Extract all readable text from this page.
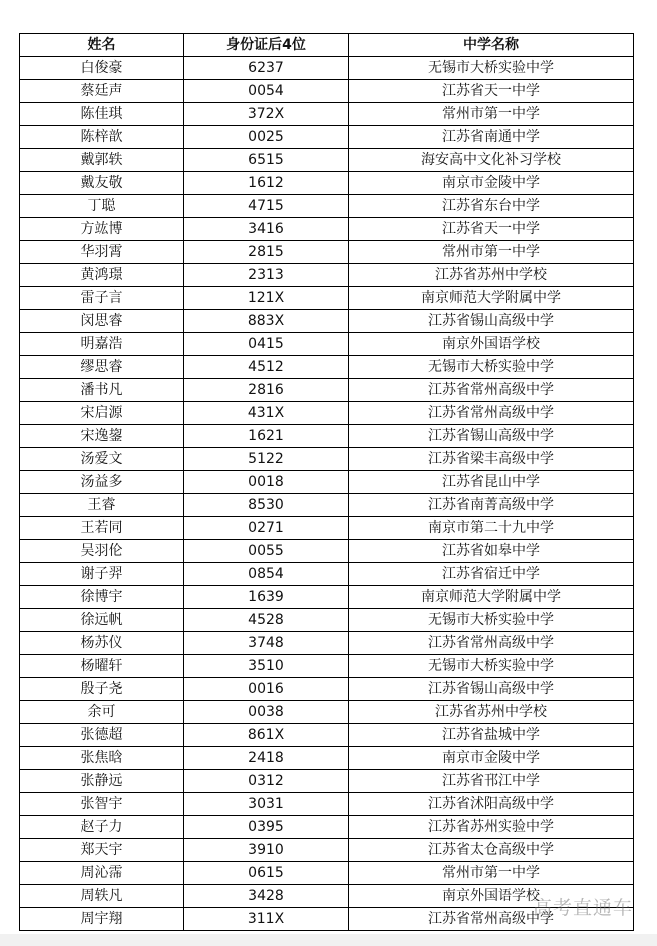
姓名	身份证后4位	中学名称
白俊豪	6237	无锡市大桥实验中学
蔡廷声	0054	江苏省天一中学
陈佳琪	372X	常州市第一中学
陈梓歆	0025	江苏省南通中学
戴郭轶	6515	海安高中文化补习学校
戴友敬	1612	南京市金陵中学
丁聪	4715	江苏省东台中学
方竑博	3416	江苏省天一中学
华羽霄	2815	常州市第一中学
黄鸿璟	2313	江苏省苏州中学校
雷子言	121X	南京师范大学附属中学
闵思睿	883X	江苏省锡山高级中学
明嘉浩	0415	南京外国语学校
缪思睿	4512	无锡市大桥实验中学
潘书凡	2816	江苏省常州高级中学
宋启源	431X	江苏省常州高级中学
宋逸鋆	1621	江苏省锡山高级中学
汤爱文	5122	江苏省梁丰高级中学
汤益多	0018	江苏省昆山中学
王睿	8530	江苏省南菁高级中学
王若同	0271	南京市第二十九中学
吴羽伦	0055	江苏省如皋中学
谢子羿	0854	江苏省宿迁中学
徐博宇	1639	南京师范大学附属中学
徐远帆	4528	无锡市大桥实验中学
杨苏仪	3748	江苏省常州高级中学
杨曜轩	3510	无锡市大桥实验中学
殷子尧	0016	江苏省锡山高级中学
余可	0038	江苏省苏州中学校
张德超	861X	江苏省盐城中学
张焦晗	2418	南京市金陵中学
张静远	0312	江苏省邗江中学
张智宇	3031	江苏省沭阳高级中学
赵子力	0395	江苏省苏州实验中学
郑天宇	3910	江苏省太仓高级中学
周沁霈	0615	常州市第一中学
周轶凡	3428	南京外国语学校
周宇翔	311X	江苏省常州高级中学
高考直通车
